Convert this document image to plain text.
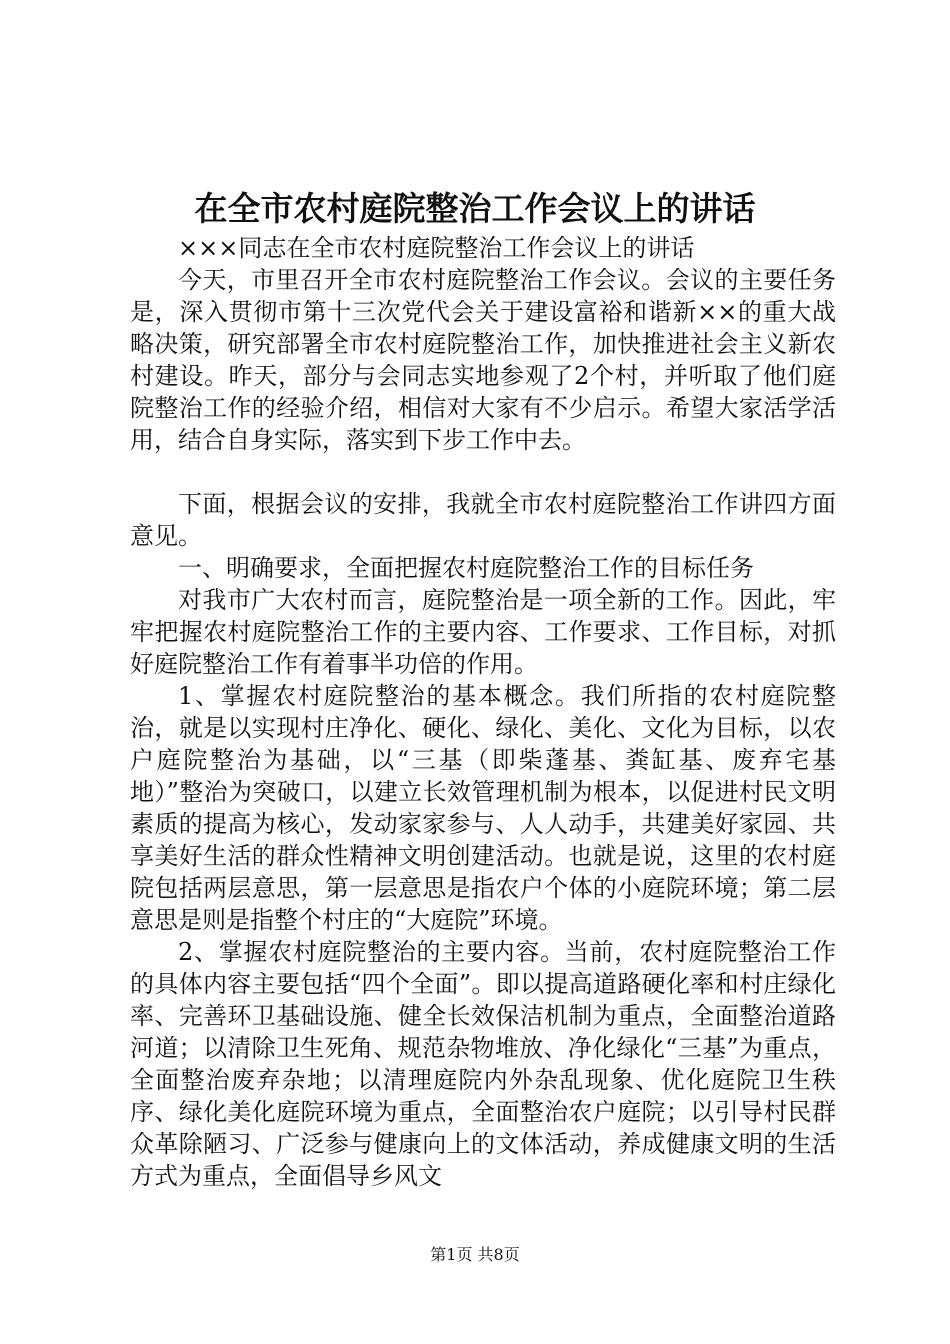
在全市农村庭院整治工作会议上的讲话

×××同志在全市农村庭院整治工作会议上的讲话

今天，市里召开全市农村庭院整治工作会议。会议的主要任务是，深入贯彻市第十三次党代会关于建设富裕和谐新××的重大战略决策，研究部署全市农村庭院整治工作，加快推进社会主义新农村建设。昨天，部分与会同志实地参观了2个村，并听取了他们庭院整治工作的经验介绍，相信对大家有不少启示。希望大家活学活用，结合自身实际，落实到下步工作中去。

下面，根据会议的安排，我就全市农村庭院整治工作讲四方面意见。

一、明确要求，全面把握农村庭院整治工作的目标任务

对我市广大农村而言，庭院整治是一项全新的工作。因此，牢牢把握农村庭院整治工作的主要内容、工作要求、工作目标，对抓好庭院整治工作有着事半功倍的作用。

1、掌握农村庭院整治的基本概念。我们所指的农村庭院整治，就是以实现村庄净化、硬化、绿化、美化、文化为目标，以农户庭院整治为基础，以“三基（即柴蓬基、粪缸基、废弃宅基地）”整治为突破口，以建立长效管理机制为根本，以促进村民文明素质的提高为核心，发动家家参与、人人动手，共建美好家园、共享美好生活的群众性精神文明创建活动。也就是说，这里的农村庭院包括两层意思，第一层意思是指农户个体的小庭院环境；第二层意思是则是指整个村庄的“大庭院”环境。

2、掌握农村庭院整治的主要内容。当前，农村庭院整治工作的具体内容主要包括“四个全面”。即以提高道路硬化率和村庄绿化率、完善环卫基础设施、健全长效保洁机制为重点，全面整治道路河道；以清除卫生死角、规范杂物堆放、净化绿化“三基”为重点，全面整治废弃杂地；以清理庭院内外杂乱现象、优化庭院卫生秩序、绿化美化庭院环境为重点，全面整治农户庭院；以引导村民群众革除陋习、广泛参与健康向上的文体活动，养成健康文明的生活方式为重点，全面倡导乡风文

第1页 共8页
